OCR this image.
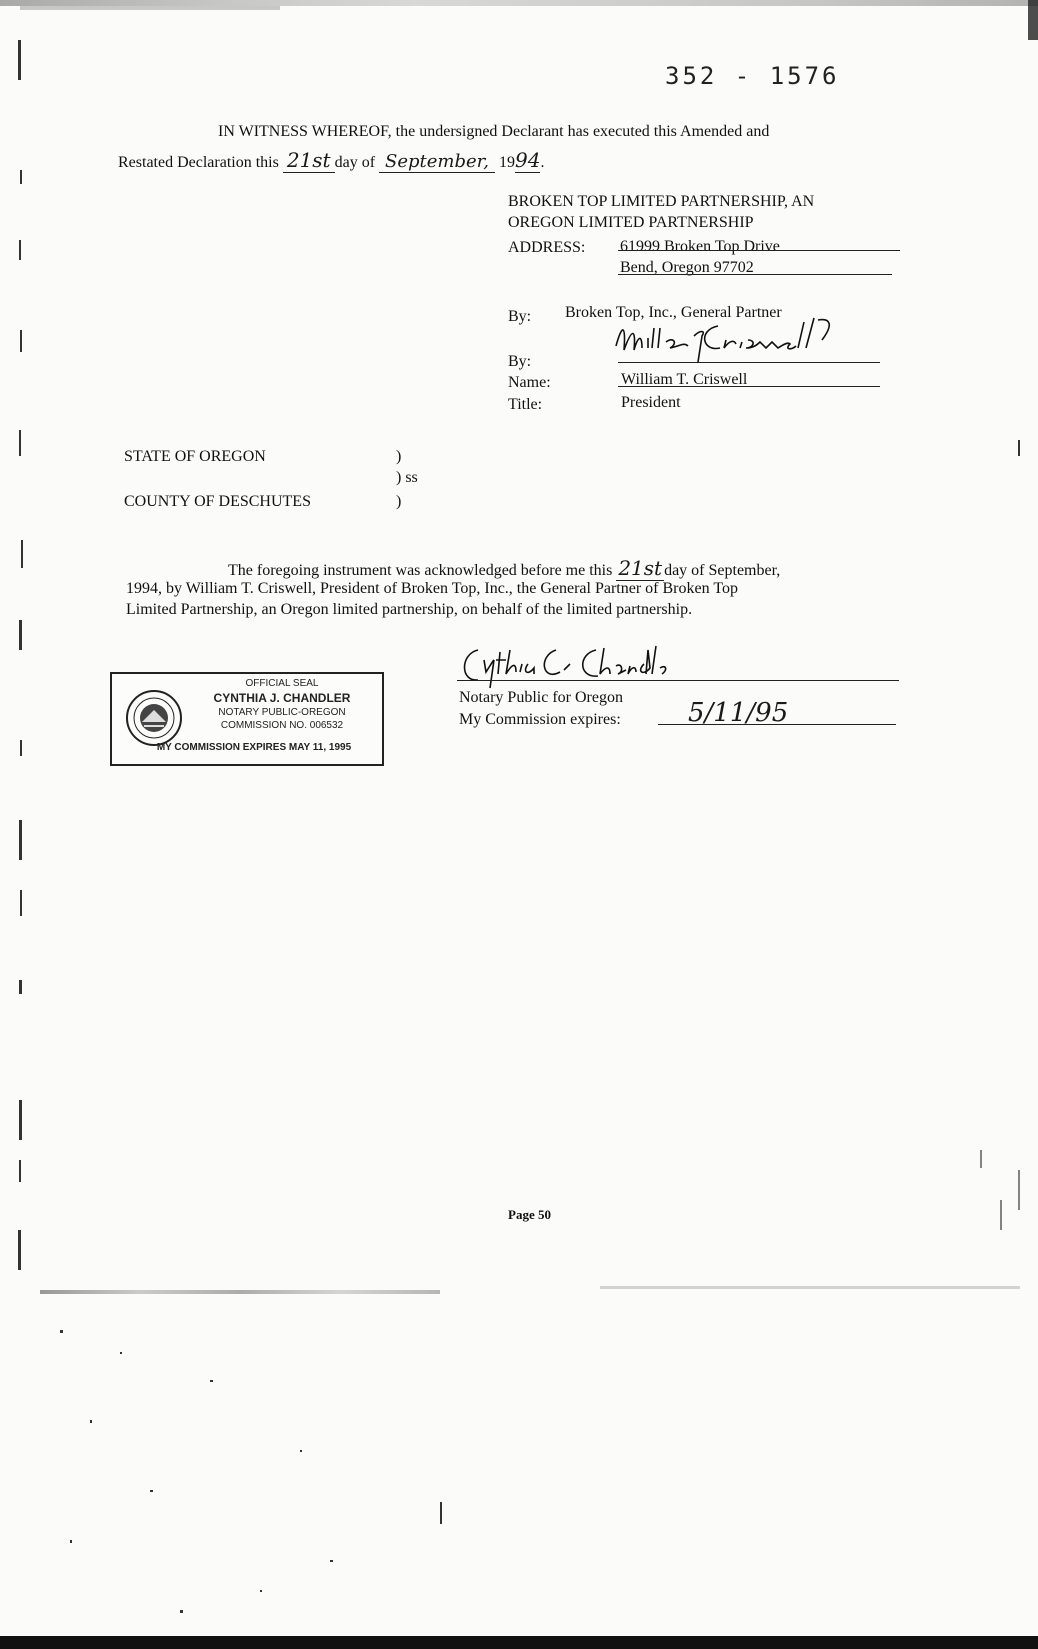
352 - 1576
IN WITNESS WHEREOF, the undersigned Declarant has executed this Amended and
Restated Declaration this 21st day of September, 1994.
BROKEN TOP LIMITED PARTNERSHIP, AN
OREGON LIMITED PARTNERSHIP
ADDRESS: 61999 Broken Top Drive
Bend, Oregon 97702
By: Broken Top, Inc., General Partner
By:
Name:	William T. Criswell
Title:	President
STATE OF OREGON	)
) ss
COUNTY OF DESCHUTES	)
The foregoing instrument was acknowledged before me this 21st day of September,
1994, by William T. Criswell, President of Broken Top, Inc., the General Partner of Broken Top
Limited Partnership, an Oregon limited partnership, on behalf of the limited partnership.
OFFICIAL SEAL
CYNTHIA J. CHANDLER
NOTARY PUBLIC-OREGON
COMMISSION NO. 006532
MY COMMISSION EXPIRES MAY 11, 1995
Notary Public for Oregon
My Commission expires:	5/11/95
Page 50
